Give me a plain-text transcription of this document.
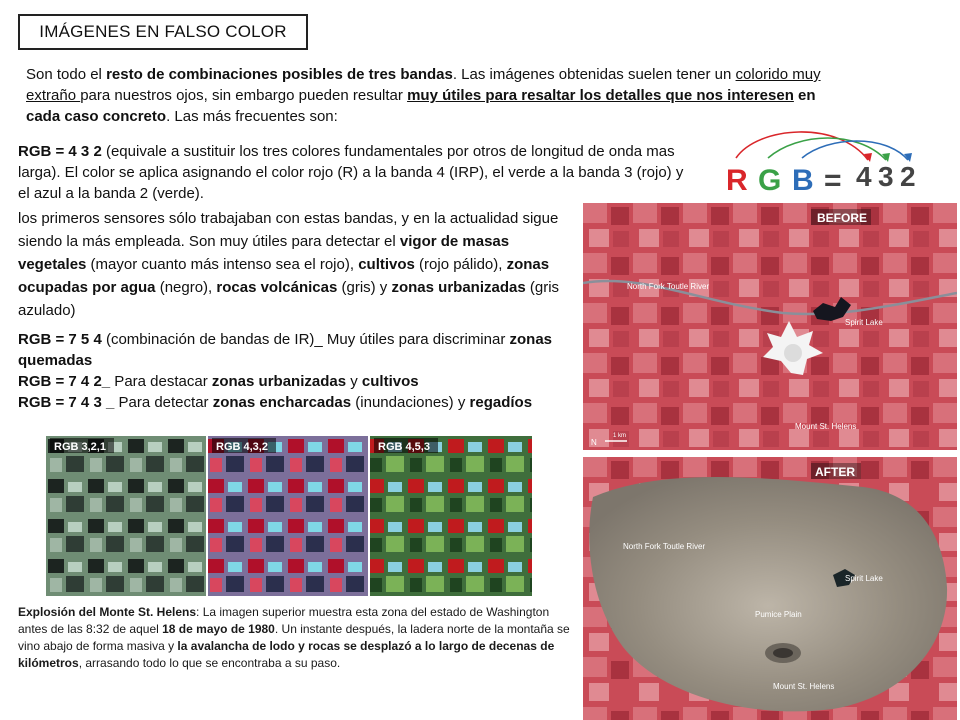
IMÁGENES EN FALSO COLOR
Son todo el resto de combinaciones posibles de tres bandas. Las imágenes obtenidas suelen tener un colorido muy extraño para nuestros ojos, sin embargo pueden resultar muy útiles para resaltar los detalles que nos interesen en cada caso concreto. Las más frecuentes son:
RGB = 4 3 2 (equivale a sustituir los tres colores fundamentales por otros de longitud de onda mas larga). El color se aplica asignando el color rojo (R) a la banda 4 (IRP), el verde a la banda 3 (rojo) y el azul a la banda 2 (verde).
los primeros sensores sólo trabajaban con estas bandas, y en la actualidad sigue siendo la más empleada. Son muy útiles para detectar el vigor de masas vegetales (mayor cuanto más intenso sea el rojo), cultivos (rojo pálido), zonas ocupadas por agua (negro), rocas volcánicas (gris) y zonas urbanizadas (gris azulado)
RGB = 7 5 4 (combinación de bandas de IR)_ Muy útiles para discriminar zonas quemadas
RGB = 7 4 2_ Para destacar zonas urbanizadas y cultivos
RGB = 7 4 3 _ Para detectar zonas encharcadas (inundaciones) y regadíos
R G B = 4 3 2
RGB 3,2,1	RGB 4,3,2	RGB 4,5,3
BEFORE
North Fork Toutle River
Spirit Lake
Mount St. Helens
N
1 km
AFTER
North Fork Toutle River
Spirit Lake
Pumice Plain
Mount St. Helens
Explosión del Monte St. Helens: La imagen superior muestra esta zona del estado de Washington antes de las 8:32 de aquel 18 de mayo de 1980. Un instante después, la ladera norte de la montaña se vino abajo de forma masiva y la avalancha de lodo y rocas se desplazó a lo largo de decenas de kilómetros, arrasando todo lo que se encontraba a su paso.
